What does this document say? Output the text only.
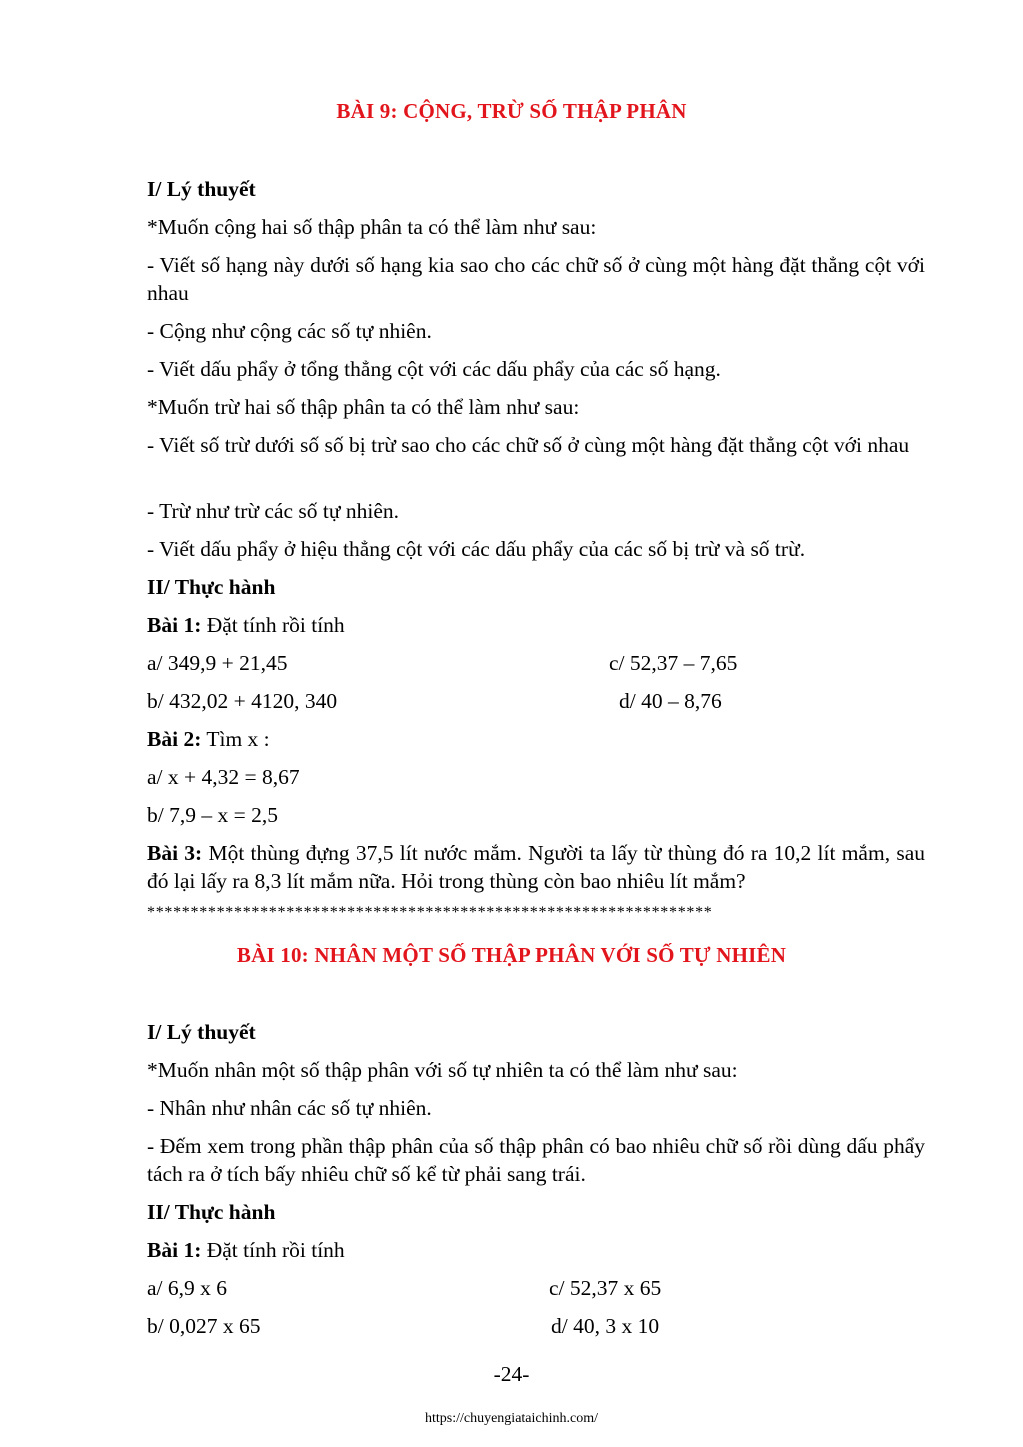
BÀI 9: CỘNG, TRỪ SỐ THẬP PHÂN
I/ Lý thuyết
*Muốn cộng hai số thập phân ta có thể làm như sau:
- Viết số hạng này dưới số hạng kia sao cho các chữ số ở cùng một hàng đặt thẳng cột với nhau
- Cộng như cộng các số tự nhiên.
- Viết dấu phẩy ở tổng thẳng cột với các dấu phẩy của các số hạng.
*Muốn trừ hai số thập phân ta có thể làm như sau:
- Viết số trừ dưới số số bị trừ sao cho các chữ số ở cùng một hàng đặt thẳng cột với nhau
- Trừ như trừ các số tự nhiên.
- Viết dấu phẩy ở hiệu thẳng cột với các dấu phẩy của các số bị trừ và số trừ.
II/ Thực hành
Bài 1: Đặt tính rồi tính
a/ 349,9 + 21,45	c/ 52,37 – 7,65
b/ 432,02 + 4120, 340	d/ 40 – 8,76
Bài 2: Tìm x :
a/ x + 4,32 = 8,67
b/ 7,9 – x = 2,5
Bài 3: Một thùng đựng 37,5 lít nước mắm. Người ta lấy từ thùng đó ra 10,2 lít mắm, sau đó lại lấy ra 8,3 lít mắm nữa. Hỏi trong thùng còn bao nhiêu lít mắm?
*****************************************************************
BÀI 10: NHÂN MỘT SỐ THẬP PHÂN VỚI SỐ TỰ NHIÊN
I/ Lý thuyết
*Muốn nhân một số thập phân với số tự nhiên ta có thể làm như sau:
- Nhân như nhân các số tự nhiên.
- Đếm xem trong phần thập phân của số thập phân có bao nhiêu chữ số rồi dùng dấu phẩy tách ra ở tích bấy nhiêu chữ số kể từ phải sang trái.
II/ Thực hành
Bài 1: Đặt tính rồi tính
a/ 6,9 x 6	c/ 52,37 x 65
b/ 0,027 x 65	d/ 40, 3 x 10
-24-
https://chuyengiataichinh.com/
